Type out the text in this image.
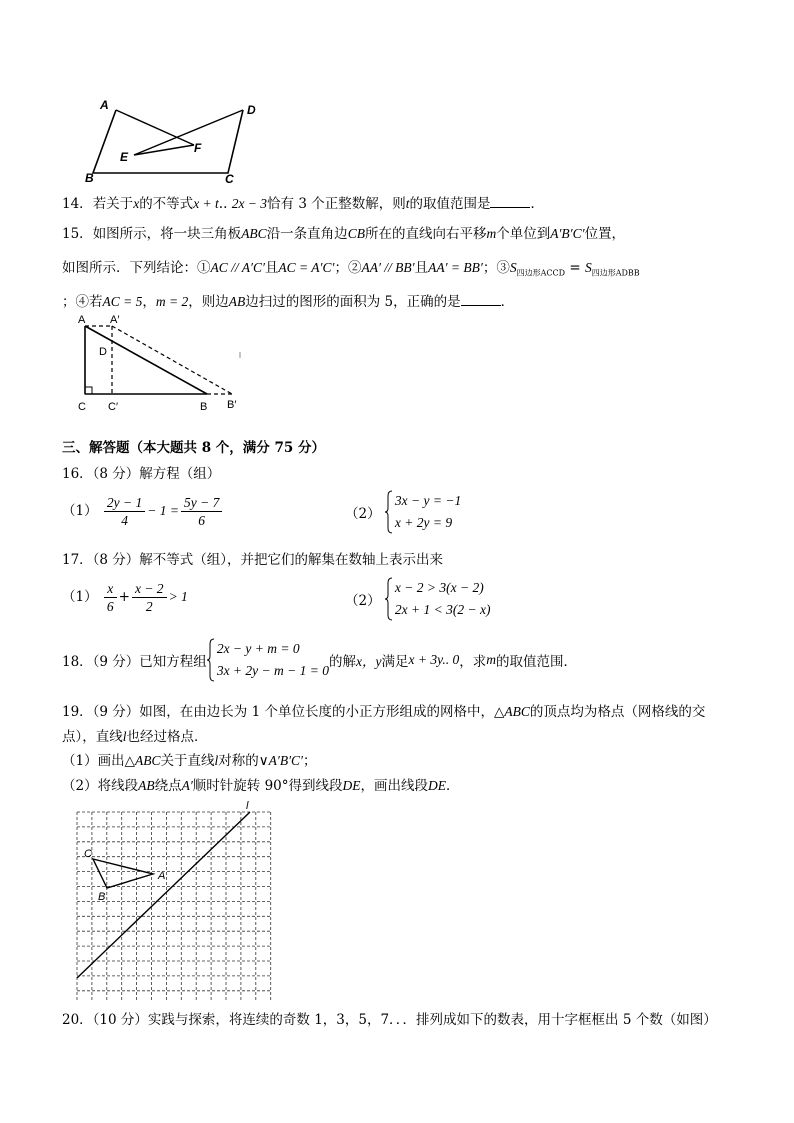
A	D
B	C
E
F
14．若关于x的不等式x + t.. 2x − 3恰有 3 个正整数解，则t的取值范围是	．
15．如图所示，将一块三角板ABC沿一条直角边CB所在的直线向右平移m个单位到A′B′C′位置，
如图所示．下列结论：①AC // A′C′且AC = A′C′；②AA′ // BB′且AA′ = BB′；$③S_{四边形ACCD} = S_{四边形ADBB}$
；④若AC = 5，m = 2，则边AB边扫过的图形的面积为 5，正确的是	．
A A′
D
C C′	B B′
三、解答题（本大题共 8 个，满分 75 分）
16．（8 分）解方程（组）
$(1) \frac{2y - 1}{4} - 1 = \frac{5y - 7}{6}$	（2）
3x − y = −1
x + 2y = 9
17．（8 分）解不等式（组），并把它们的解集在数轴上表示出来
$(1) \frac{x}{6} + \frac{x - 2}{2} > 1$	（2）
x − 2 > 3(x − 2)
2x + 1 < 3(2 − x)
18．（9 分）已知方程组
2x − y + m = 0
3x + 2y − m − 1 = 0
的解x，y满足x + 3y.. 0，求m的取值范围．
19．（9 分）如图，在由边长为 1 个单位长度的小正方形组成的网格中，△ABC的顶点均为格点（网格线的交
点），直线l也经过格点．
（1）画出△ABC关于直线l对称的∨A′B′C′；
（2）将线段AB绕点A′顺时针旋转 90°得到线段DE，画出线段DE．
C
A
B
l
20．（10 分）实践与探索，将连续的奇数 1，3，5，7．．．排列成如下的数表，用十字框框出 5 个数（如图）
